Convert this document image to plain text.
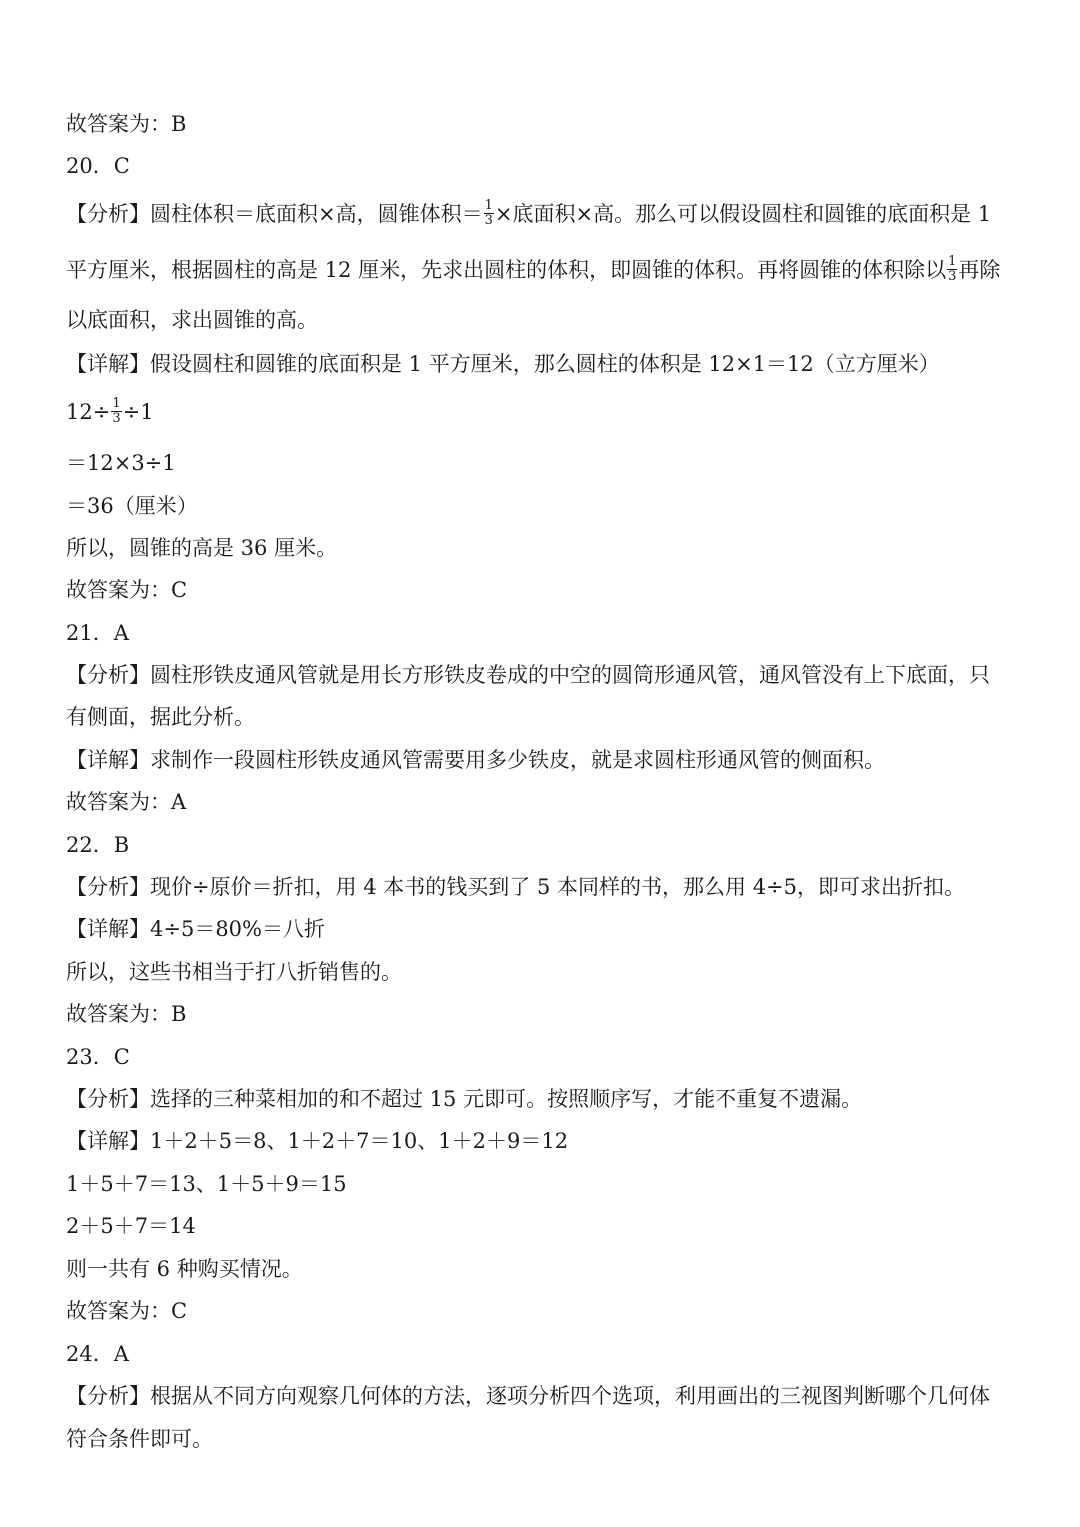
故答案为：B
20．C
【分析】圆柱体积＝底面积×高，圆锥体积＝ $\frac{1}{3}$ ×底面积×高。那么可以假设圆柱和圆锥的底面积是 1
平方厘米，根据圆柱的高是 12 厘米，先求出圆柱的体积，即圆锥的体积。再将圆锥的体积除以 $\frac{1}{3}$ 再除
以底面积，求出圆锥的高。
【详解】假设圆柱和圆锥的底面积是 1 平方厘米，那么圆柱的体积是 12×1＝12（立方厘米）
$12\div \frac{1}{3} \div 1$
＝12×3÷1
＝36（厘米）
所以，圆锥的高是 36 厘米。
故答案为：C
21．A
【分析】圆柱形铁皮通风管就是用长方形铁皮卷成的中空的圆筒形通风管，通风管没有上下底面，只
有侧面，据此分析。
【详解】求制作一段圆柱形铁皮通风管需要用多少铁皮，就是求圆柱形通风管的侧面积。
故答案为：A
22．B
【分析】现价÷原价＝折扣，用 4 本书的钱买到了 5 本同样的书，那么用 4÷5，即可求出折扣。
【详解】4÷5＝80%＝八折
所以，这些书相当于打八折销售的。
故答案为：B
23．C
【分析】选择的三种菜相加的和不超过 15 元即可。按照顺序写，才能不重复不遗漏。
【详解】1＋2＋5＝8、1＋2＋7＝10、1＋2＋9＝12
1＋5＋7＝13、1＋5＋9＝15
2＋5＋7＝14
则一共有 6 种购买情况。
故答案为：C
24．A
【分析】根据从不同方向观察几何体的方法，逐项分析四个选项，利用画出的三视图判断哪个几何体
符合条件即可。
